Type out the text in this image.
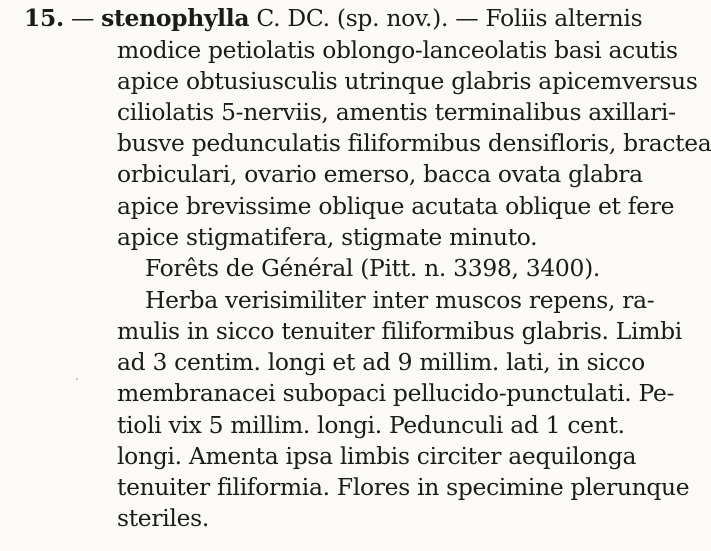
15. — stenophylla C. DC. (sp. nov.). — Foliis alternis
modice petiolatis oblongo-lanceolatis basi acutis
apice obtusiusculis utrinque glabris apicemversus
ciliolatis 5-nerviis, amentis terminalibus axillari-
busve pedunculatis filiformibus densifloris, bractea
orbiculari, ovario emerso, bacca ovata glabra
apice brevissime oblique acutata oblique et fere
apice stigmatifera, stigmate minuto.
Forêts de Général (Pitt. n. 3398, 3400).
Herba verisimiliter inter muscos repens, ra-
mulis in sicco tenuiter filiformibus glabris. Limbi
ad 3 centim. longi et ad 9 millim. lati, in sicco
membranacei subopaci pellucido-punctulati. Pe-
tioli vix 5 millim. longi. Pedunculi ad 1 cent.
longi. Amenta ipsa limbis circiter aequilonga
tenuiter filiformia. Flores in specimine plerunque
steriles.
